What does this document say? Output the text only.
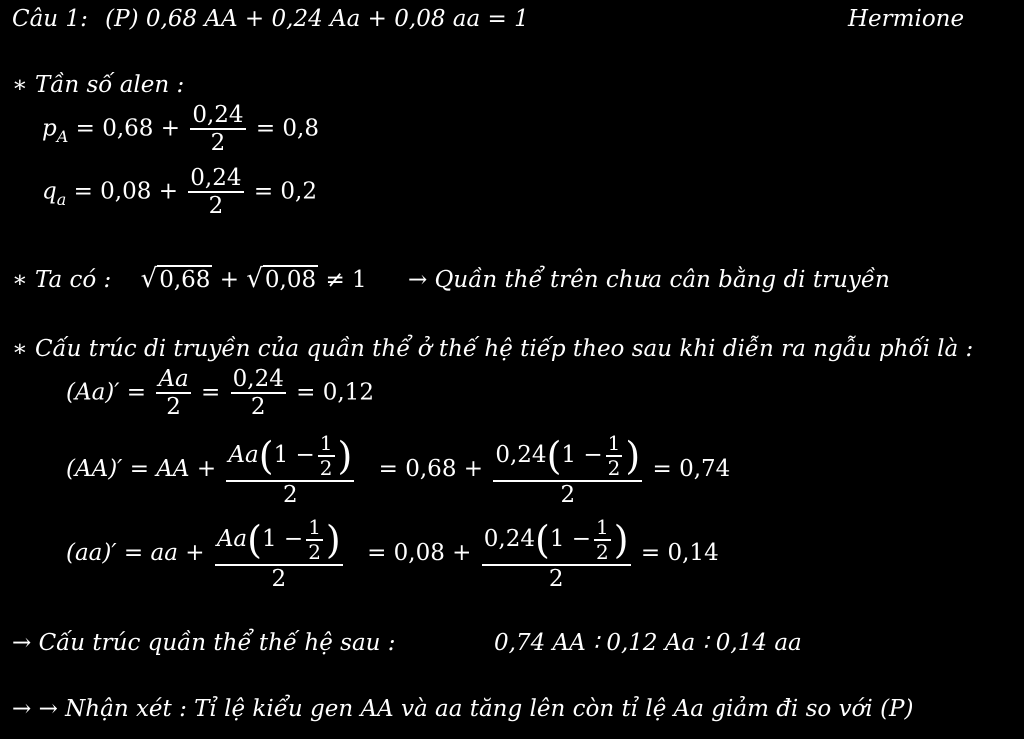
Câu 1: (P) 0,68 AA + 0,24 Aa + 0,08 aa = 1	Hermione
∗ Tần số alen :
$p_A = 0,68 + \frac{0,24}{2} = 0,8$
$q_a = 0,08 + \frac{0,24}{2} = 0,2$
∗ Ta có : √0,68 + √0,08 ≠ 1 → Quần thể trên chưa cân bằng di truyền
∗ Cấu trúc di truyền của quần thể ở thế hệ tiếp theo sau khi diễn ra ngẫu phối là :
$(Aa)' = \frac{Aa}{2} = \frac{0,24}{2} = 0,12$
(AA)′ = AA + $\frac{Aa(1 - \frac{1}{2} )}{2} = 0,68 + \frac{0,24(1 - \frac{1}{2} )}{2} = 0,74$
(aa)′ = aa + $\frac{Aa(1 - \frac{1}{2} )}{2} = 0,08 + \frac{0,24(1 - \frac{1}{2} )}{2} = 0,14$
→ Cấu trúc quần thể thế hệ sau :	0,74 AA ∶ 0,12 Aa ∶ 0,14 aa
→ → Nhận xét : Tỉ lệ kiểu gen AA và aa tăng lên còn tỉ lệ Aa giảm đi so với (P)
